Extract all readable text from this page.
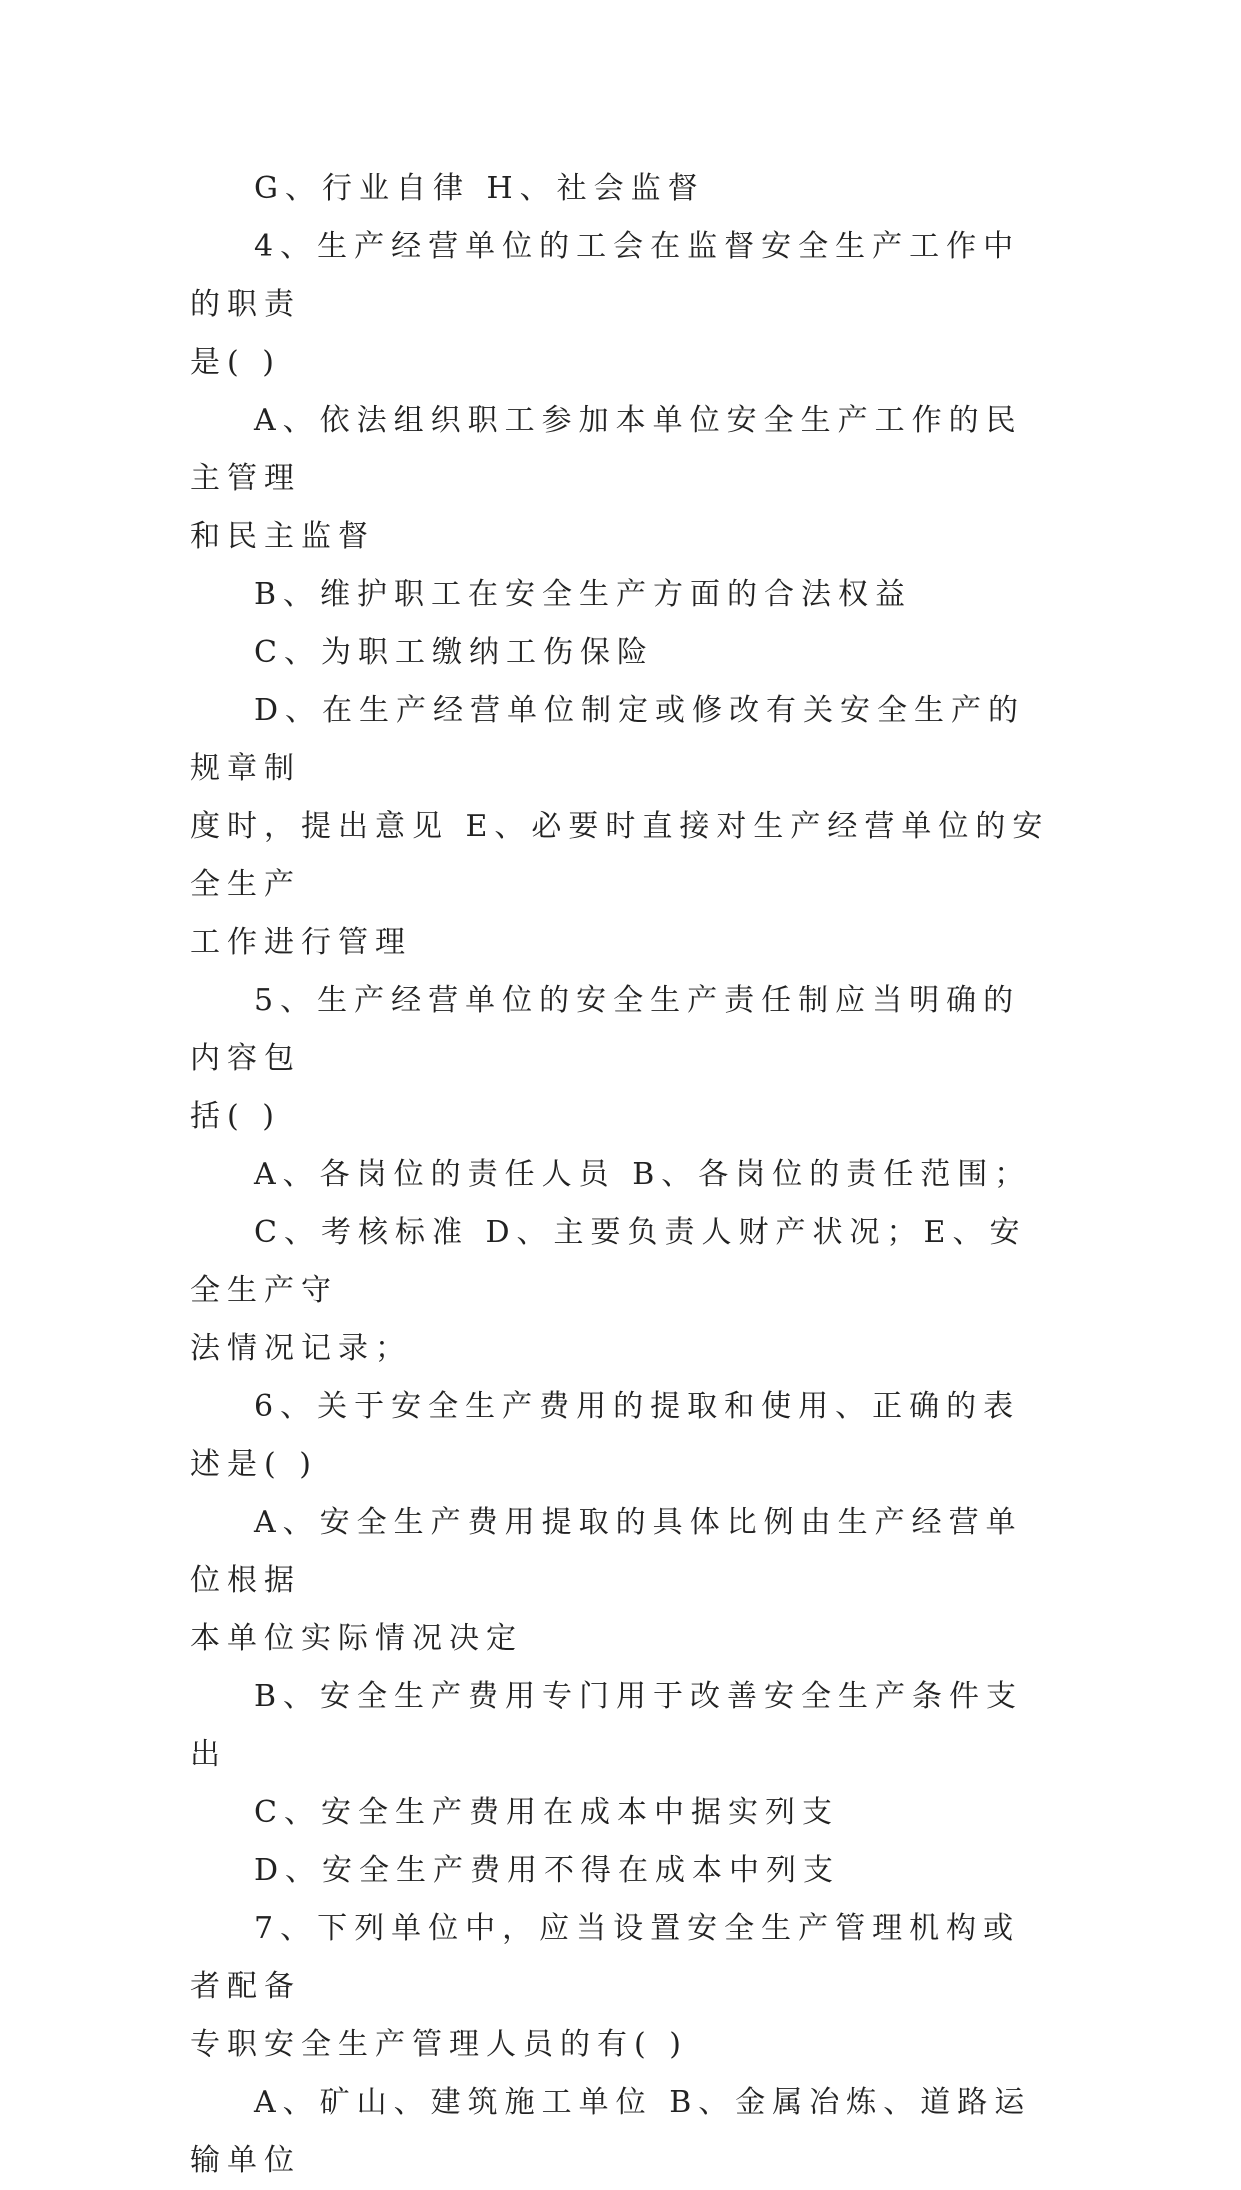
G、行业自律 H、社会监督

4、生产经营单位的工会在监督安全生产工作中的职责

是( )

A、依法组织职工参加本单位安全生产工作的民主管理

和民主监督

B、维护职工在安全生产方面的合法权益

C、为职工缴纳工伤保险

D、在生产经营单位制定或修改有关安全生产的规章制

度时，提出意见 E、必要时直接对生产经营单位的安全生产

工作进行管理

5、生产经营单位的安全生产责任制应当明确的内容包

括( )

A、各岗位的责任人员 B、各岗位的责任范围；

C、考核标准 D、主要负责人财产状况；E、安全生产守

法情况记录；

6、关于安全生产费用的提取和使用、正确的表述是( )

A、安全生产费用提取的具体比例由生产经营单位根据

本单位实际情况决定

B、安全生产费用专门用于改善安全生产条件支出

C、安全生产费用在成本中据实列支

D、安全生产费用不得在成本中列支

7、下列单位中，应当设置安全生产管理机构或者配备

专职安全生产管理人员的有( )

A、矿山、建筑施工单位 B、金属冶炼、道路运输单位
